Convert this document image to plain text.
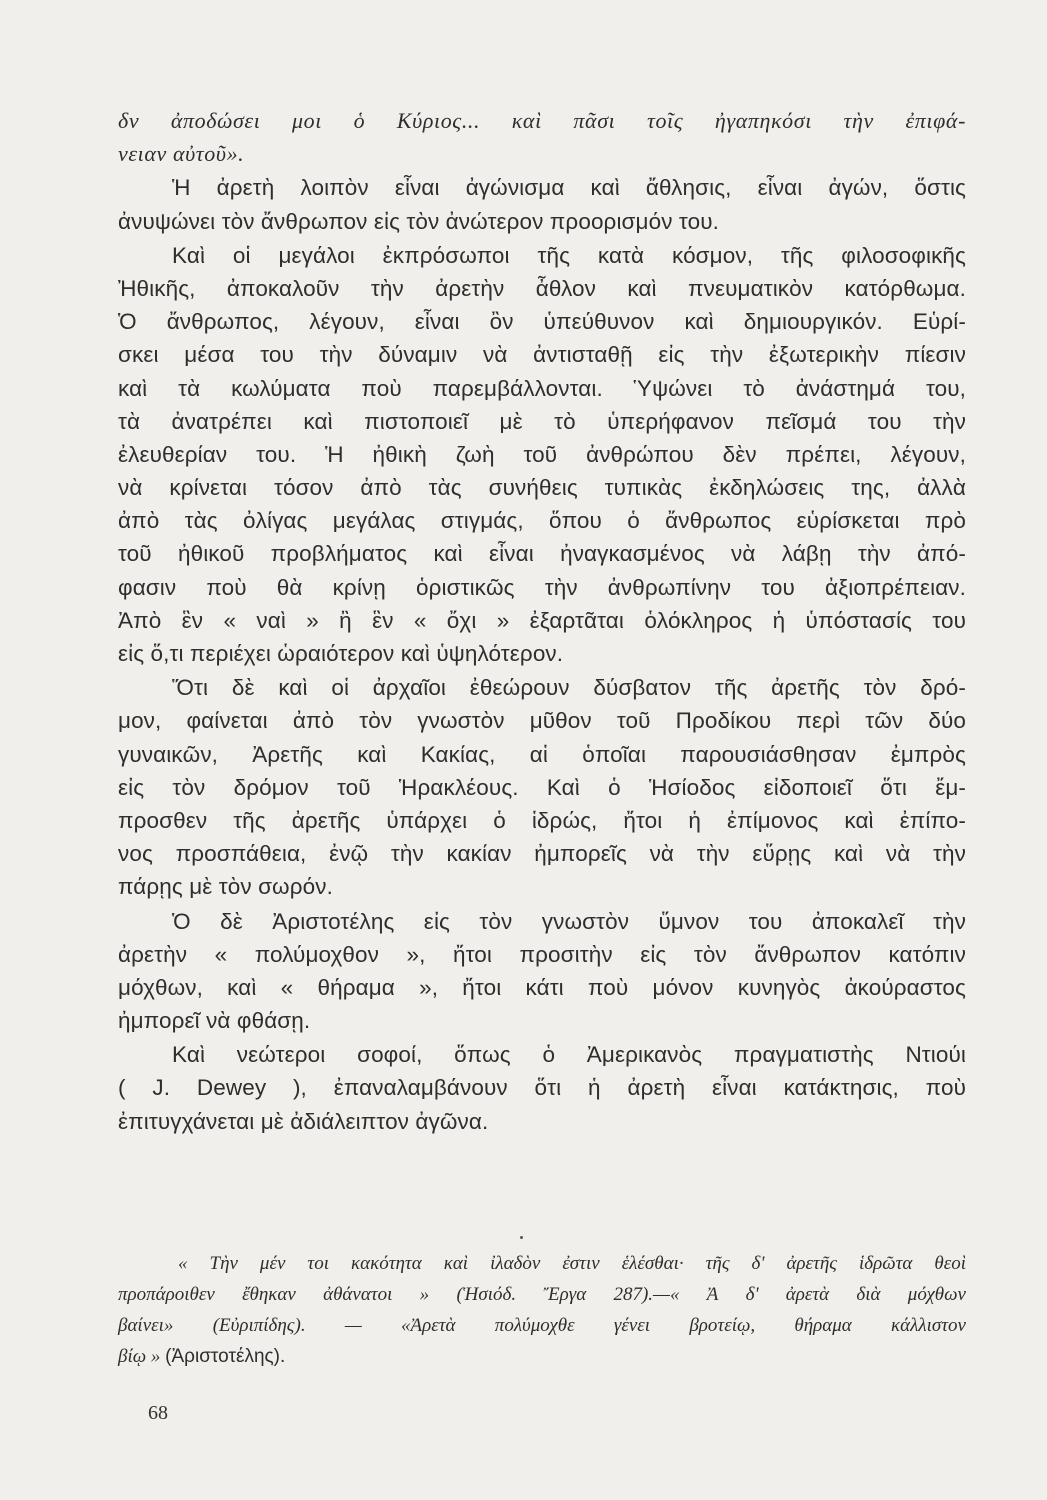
δν ἀποδώσει μοι ὁ Κύριος... καὶ πᾶσι τοῖς ἠγαπηκόσι τὴν ἐπιφά-
νειαν αὐτοῦ».
Ἡ ἀρετὴ λοιπὸν εἶναι ἀγώνισμα καὶ ἄθλησις, εἶναι ἀγών, ὅστις
ἀνυψώνει τὸν ἄνθρωπον εἰς τὸν ἀνώτερον προορισμόν του.
Καὶ οἱ μεγάλοι ἐκπρόσωποι τῆς κατὰ κόσμον, τῆς φιλοσοφικῆς
Ἠθικῆς, ἀποκαλοῦν τὴν ἀρετὴν ἆθλον καὶ πνευματικὸν κατόρθωμα.
Ὁ ἄνθρωπος, λέγουν, εἶναι ὂν ὑπεύθυνον καὶ δημιουργικόν. Εὑρί-
σκει μέσα του τὴν δύναμιν νὰ ἀντισταθῇ εἰς τὴν ἐξωτερικὴν πίεσιν
καὶ τὰ κωλύματα ποὺ παρεμβάλλονται. Ὑψώνει τὸ ἀνάστημά του,
τὰ ἀνατρέπει καὶ πιστοποιεῖ μὲ τὸ ὑπερήφανον πεῖσμά του τὴν
ἐλευθερίαν του. Ἡ ἠθικὴ ζωὴ τοῦ ἀνθρώπου δὲν πρέπει, λέγουν,
νὰ κρίνεται τόσον ἀπὸ τὰς συνήθεις τυπικὰς ἐκδηλώσεις της, ἀλλὰ
ἀπὸ τὰς ὀλίγας μεγάλας στιγμάς, ὅπου ὁ ἄνθρωπος εὑρίσκεται πρὸ
τοῦ ἠθικοῦ προβλήματος καὶ εἶναι ἠναγκασμένος νὰ λάβῃ τὴν ἀπό-
φασιν ποὺ θὰ κρίνῃ ὁριστικῶς τὴν ἀνθρωπίνην του ἀξιοπρέπειαν.
Ἀπὸ ἓν « ναὶ » ἢ ἓν « ὄχι » ἐξαρτᾶται ὁλόκληρος ἡ ὑπόστασίς του
εἰς ὅ,τι περιέχει ὡραιότερον καὶ ὑψηλότερον.
Ὅτι δὲ καὶ οἱ ἀρχαῖοι ἐθεώρουν δύσβατον τῆς ἀρετῆς τὸν δρό-
μον, φαίνεται ἀπὸ τὸν γνωστὸν μῦθον τοῦ Προδίκου περὶ τῶν δύο
γυναικῶν, Ἀρετῆς καὶ Κακίας, αἱ ὁποῖαι παρουσιάσθησαν ἐμπρὸς
εἰς τὸν δρόμον τοῦ Ἡρακλέους. Καὶ ὁ Ἡσίοδος εἰδοποιεῖ ὅτι ἔμ-
προσθεν τῆς ἀρετῆς ὑπάρχει ὁ ἱδρώς, ἤτοι ἡ ἐπίμονος καὶ ἐπίπο-
νος προσπάθεια, ἐνῷ τὴν κακίαν ἠμπορεῖς νὰ τὴν εὕρῃς καὶ νὰ τὴν
πάρῃς μὲ τὸν σωρόν.
Ὁ δὲ Ἀριστοτέλης εἰς τὸν γνωστὸν ὕμνον του ἀποκαλεῖ τὴν
ἀρετὴν « πολύμοχθον », ἤτοι προσιτὴν εἰς τὸν ἄνθρωπον κατόπιν
μόχθων, καὶ « θήραμα », ἤτοι κάτι ποὺ μόνον κυνηγὸς ἀκούραστος
ἠμπορεῖ νὰ φθάσῃ.
Καὶ νεώτεροι σοφοί, ὅπως ὁ Ἀμερικανὸς πραγματιστὴς Ντιούι
( J. Dewey ), ἐπαναλαμβάνουν ὅτι ἡ ἀρετὴ εἶναι κατάκτησις, ποὺ
ἐπιτυγχάνεται μὲ ἀδιάλειπτον ἀγῶνα.
« Τὴν μέν τοι κακότητα καὶ ἰλαδὸν ἐστιν ἑλέσθαι· τῆς δ' ἀρετῆς ἱδρῶτα θεοὶ
προπάροιθεν ἔθηκαν ἀθάνατοι » (Ἡσιόδ. Ἔργα 287).—« Ἀ δ' ἀρετὰ διὰ μόχθων
βαίνει» (Εὐριπίδης). — «Ἀρετὰ πολύμοχθε γένει βροτείῳ, θήραμα κάλλιστον
βίῳ » (Ἀριστοτέλης).
68
